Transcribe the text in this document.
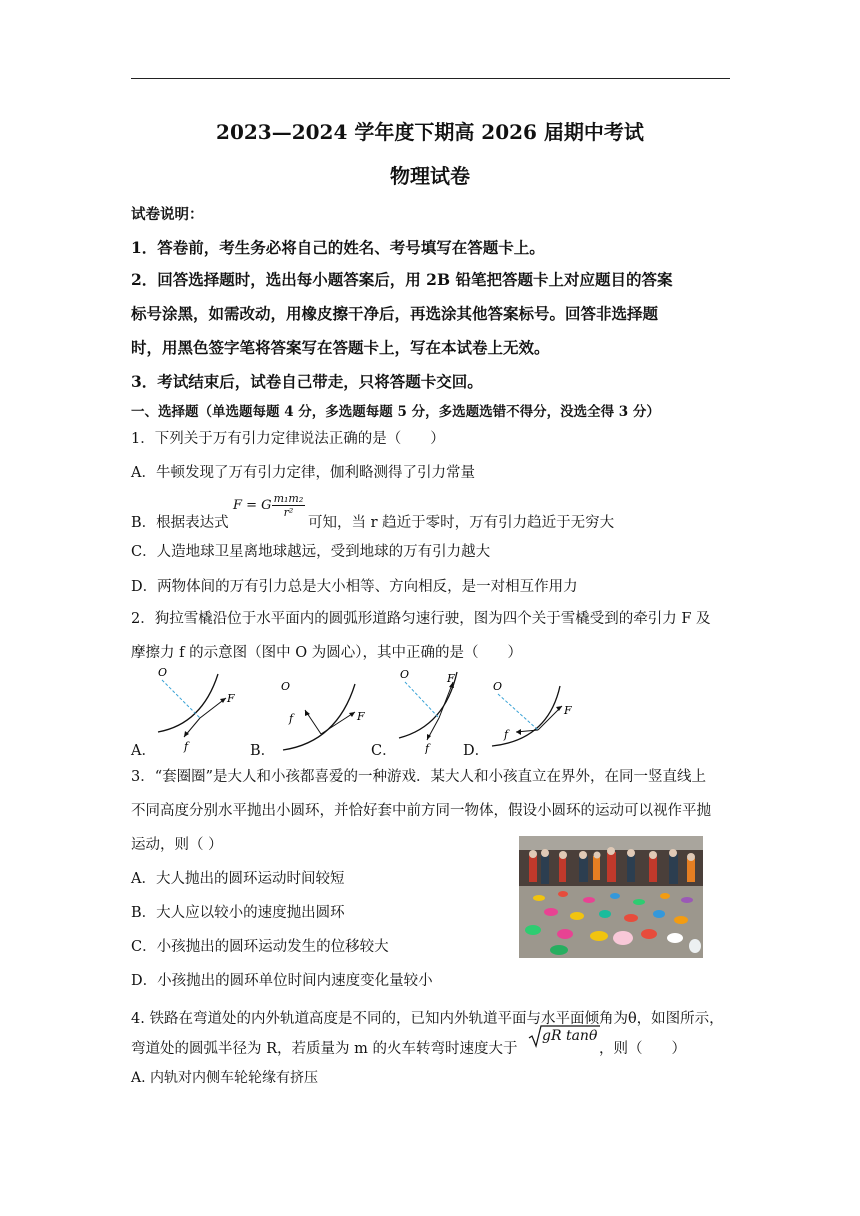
2023—2024 学年度下期高 2026 届期中考试
物理试卷
试卷说明：
1．答卷前，考生务必将自己的姓名、考号填写在答题卡上。
2．回答选择题时，选出每小题答案后，用 2B 铅笔把答题卡上对应题目的答案
标号涂黑，如需改动，用橡皮擦干净后，再选涂其他答案标号。回答非选择题
时，用黑色签字笔将答案写在答题卡上，写在本试卷上无效。
3．考试结束后，试卷自己带走，只将答题卡交回。
一、选择题（单选题每题 4 分，多选题每题 5 分，多选题选错不得分，没选全得 3 分）
1．下列关于万有引力定律说法正确的是（　　）
A．牛顿发现了万有引力定律，伽利略测得了引力常量
B．根据表达式
F = G $\frac{\text{m₁m₂}}{\text{r²}}$
可知，当 r 趋近于零时，万有引力趋近于无穷大
C．人造地球卫星离地球越远，受到地球的万有引力越大
D．两物体间的万有引力总是大小相等、方向相反，是一对相互作用力
2．狗拉雪橇沿位于水平面内的圆弧形道路匀速行驶，图为四个关于雪橇受到的牵引力 F 及
摩擦力 f 的示意图（图中 O 为圆心），其中正确的是（　　）
O
F
f
A．
O
f	F
B．
O	F
f
C．
O
F
f
D．
3．“套圈圈”是大人和小孩都喜爱的一种游戏．某大人和小孩直立在界外，在同一竖直线上
不同高度分别水平抛出小圆环，并恰好套中前方同一物体，假设小圆环的运动可以视作平抛
运动，则（ ）
A．大人抛出的圆环运动时间较短
B．大人应以较小的速度抛出圆环
C．小孩抛出的圆环运动发生的位移较大
D．小孩抛出的圆环单位时间内速度变化量较小
4. 铁路在弯道处的内外轨道高度是不同的，已知内外轨道平面与水平面倾角为θ，如图所示，
弯道处的圆弧半径为 R，若质量为 m 的火车转弯时速度大于
gR tanθ
，则（　　）
A. 内轨对内侧车轮轮缘有挤压
